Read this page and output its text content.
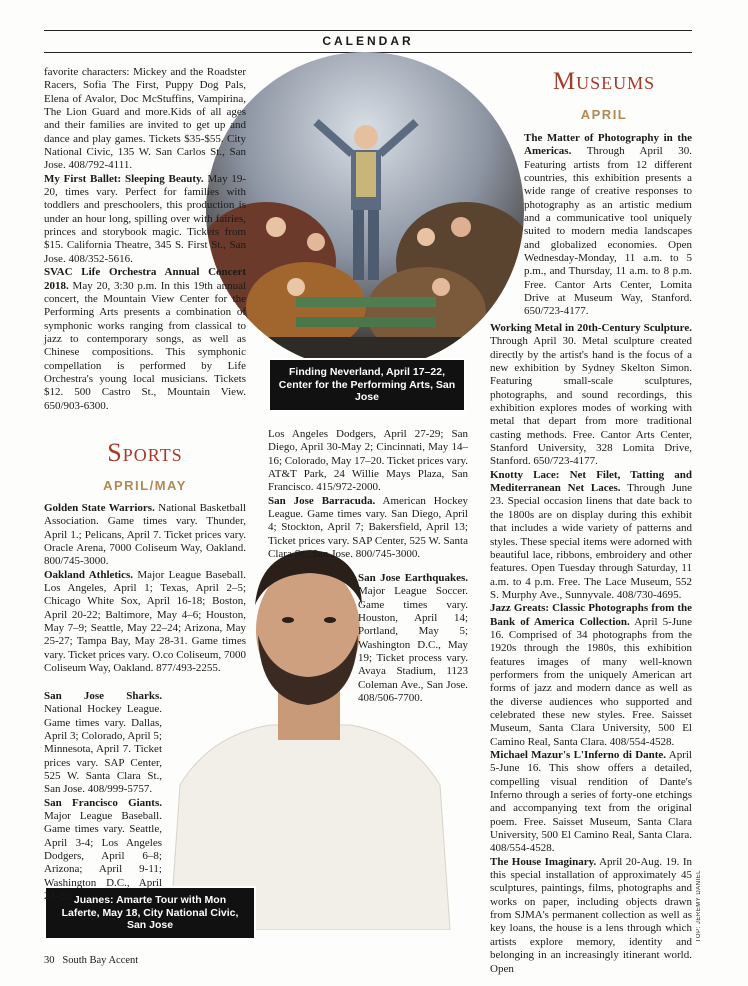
CALENDAR
Finding Neverland, April 17–22, Center for the Performing Arts, San Jose
Juanes: Amarte Tour with Mon Laferte, May 18, City National Civic, San Jose

favorite characters: Mickey and the Roadster Racers, Sofia The First, Puppy Dog Pals, Elena of Avalor, Doc McStuffins, Vampirina, The Lion Guard and more.Kids of all ages and their families are invited to get up and dance and play games. Tickets $35-$55. City National Civic, 135 W. San Carlos St., San Jose. 408/792-4111.

My First Ballet: Sleeping Beauty. May 19-20, times vary. Perfect for families with toddlers and preschoolers, this production is under an hour long, spilling over with fairies, princes and storybook magic. Tickets from $15. California Theatre, 345 S. First St., San Jose. 408/352-5616.

SVAC Life Orchestra Annual Concert 2018. May 20, 3:30 p.m. In this 19th annual concert, the Mountain View Center for the Performing Arts presents a combination of symphonic works ranging from classical to jazz to contemporary songs, as well as Chinese compositions. This symphonic compellation is performed by Life Orchestra's young local musicians. Tickets $12. 500 Castro St., Mountain View. 650/903-6300.

Sports
APRIL/MAY

Golden State Warriors. National Basketball Association. Game times vary. Thunder, April 1.; Pelicans, April 7. Ticket prices vary. Oracle Arena, 7000 Coliseum Way, Oakland. 800/745-3000.

Oakland Athletics. Major League Baseball. Los Angeles, April 1; Texas, April 2–5; Chicago White Sox, April 16-18; Boston, April 20-22; Baltimore, May 4–6; Houston, May 7–9; Seattle, May 22–24; Arizona, May 25-27; Tampa Bay, May 28-31. Game times vary. Ticket prices vary. O.co Coliseum, 7000 Coliseum Way, Oakland. 877/493-2255.

San Jose Sharks. National Hockey League. Game times vary. Dallas, April 3; Colorado, April 5; Minnesota, April 7. Ticket prices vary. SAP Center, 525 W. Santa Clara St., San Jose. 408/999-5757.

San Francisco Giants. Major League Baseball. Game times vary. Seattle, April 3-4; Los Angeles Dodgers, April 6–8; Arizona; April 9-11; Washington D.C., April 23-25;

Los Angeles Dodgers, April 27-29; San Diego, April 30-May 2; Cincinnati, May 14–16; Colorado, May 17–20. Ticket prices vary. AT&T Park, 24 Willie Mays Plaza, San Francisco. 415/972-2000.

San Jose Barracuda. American Hockey League. Game times vary. San Diego, April 4; Stockton, April 7; Bakersfield, April 13; Ticket prices vary. SAP Center, 525 W. Santa Clara St., San Jose. 800/745-3000.

San Jose Earthquakes. Major League Soccer. Game times vary. Houston, April 14; Portland, May 5; Washington D.C., May 19; Ticket process vary. Avaya Stadium, 1123 Coleman Ave., San Jose. 408/506-7700.

Museums
APRIL

The Matter of Photography in the Americas. Through April 30. Featuring artists from 12 different countries, this exhibition presents a wide range of creative responses to photography as an artistic medium and a communicative tool uniquely suited to modern media landscapes and globalized economies. Open Wednesday-Monday, 11 a.m. to 5 p.m., and Thursday, 11 a.m. to 8 p.m. Free. Cantor Arts Center, Lomita Drive at Museum Way, Stanford. 650/723-4177.

Working Metal in 20th-Century Sculpture. Through April 30. Metal sculpture created directly by the artist's hand is the focus of a new exhibition by Sydney Skelton Simon. Featuring small-scale sculptures, photographs, and sound recordings, this exhibition explores modes of working with metal that depart from more traditional casting methods. Free. Cantor Arts Center, Stanford University, 328 Lomita Drive, Stanford. 650/723-4177.

Knotty Lace: Net Filet, Tatting and Mediterranean Net Laces. Through June 23. Special occasion linens that date back to the 1800s are on display during this exhibit that includes a wide variety of patterns and styles. These special items were adorned with beautiful lace, ribbons, embroidery and other features. Open Tuesday through Saturday, 11 a.m. to 4 p.m. Free. The Lace Museum, 552 S. Murphy Ave., Sunnyvale. 408/730-4695.

Jazz Greats: Classic Photographs from the Bank of America Collection. April 5-June 16. Comprised of 34 photographs from the 1920s through the 1980s, this exhibition features images of many well-known performers from the uniquely American art forms of jazz and modern dance as well as the diverse audiences who supported and celebrated these new styles. Free. Saisset Museum, Santa Clara University, 500 El Camino Real, Santa Clara. 408/554-4528.

Michael Mazur's L'Inferno di Dante. April 5-June 16. This show offers a detailed, compelling visual rendition of Dante's Inferno through a series of forty-one etchings and accompanying text from the original poem. Free. Saisset Museum, Santa Clara University, 500 El Camino Real, Santa Clara. 408/554-4528.

The House Imaginary. April 20-Aug. 19. In this special installation of approximately 45 sculptures, paintings, films, photographs and works on paper, including objects drawn from SJMA's permanent collection as well as key loans, the house is a lens through which artists explore memory, identity and belonging in an increasingly itinerant world. Open

TOP: JEREMY DANIEL
30 South Bay Accent
